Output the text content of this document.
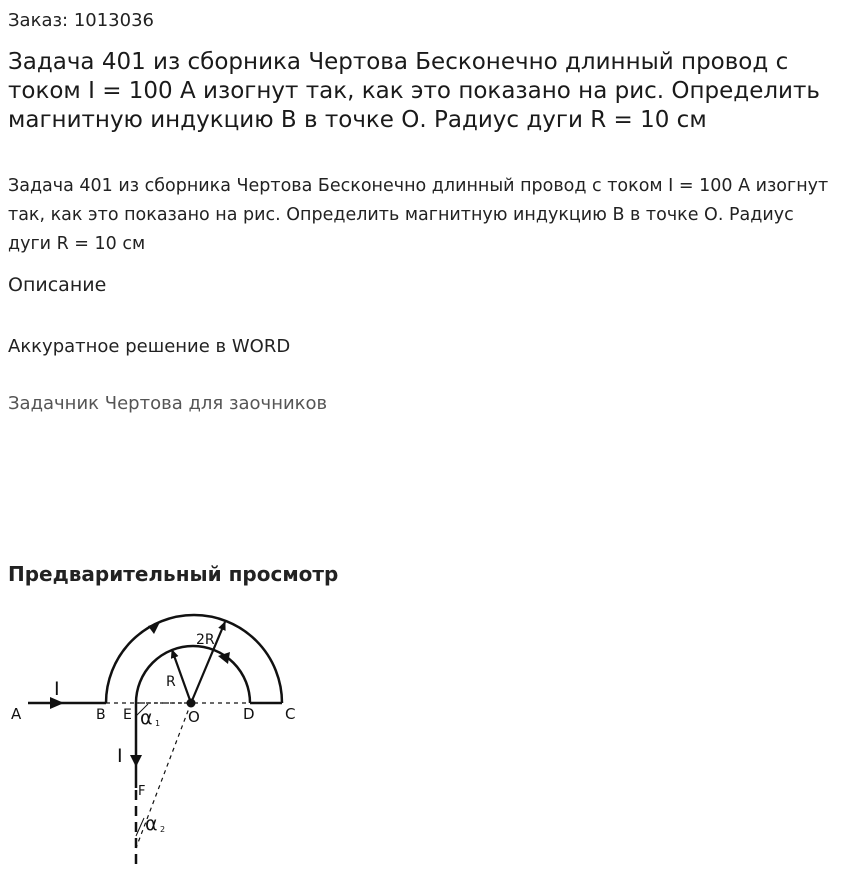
Заказ: 1013036
Задача 401 из сборника Чертова Бесконечно длинный провод с током I = 100 А изогнут так, как это показано на рис. Определить магнитную индукцию В в точке О. Радиус дуги R = 10 см

Задача 401 из сборника Чертова Бесконечно длинный провод с током I = 100 А изогнут так, как это показано на рис. Определить магнитную индукцию В в точке О. Радиус дуги R = 10 см

Описание
Аккуратное решение в WORD
Задачник Чертова для заочников
Предварительный просмотр
A	B E	O	D C
F
I
I
R
2R
α 1
α 2
